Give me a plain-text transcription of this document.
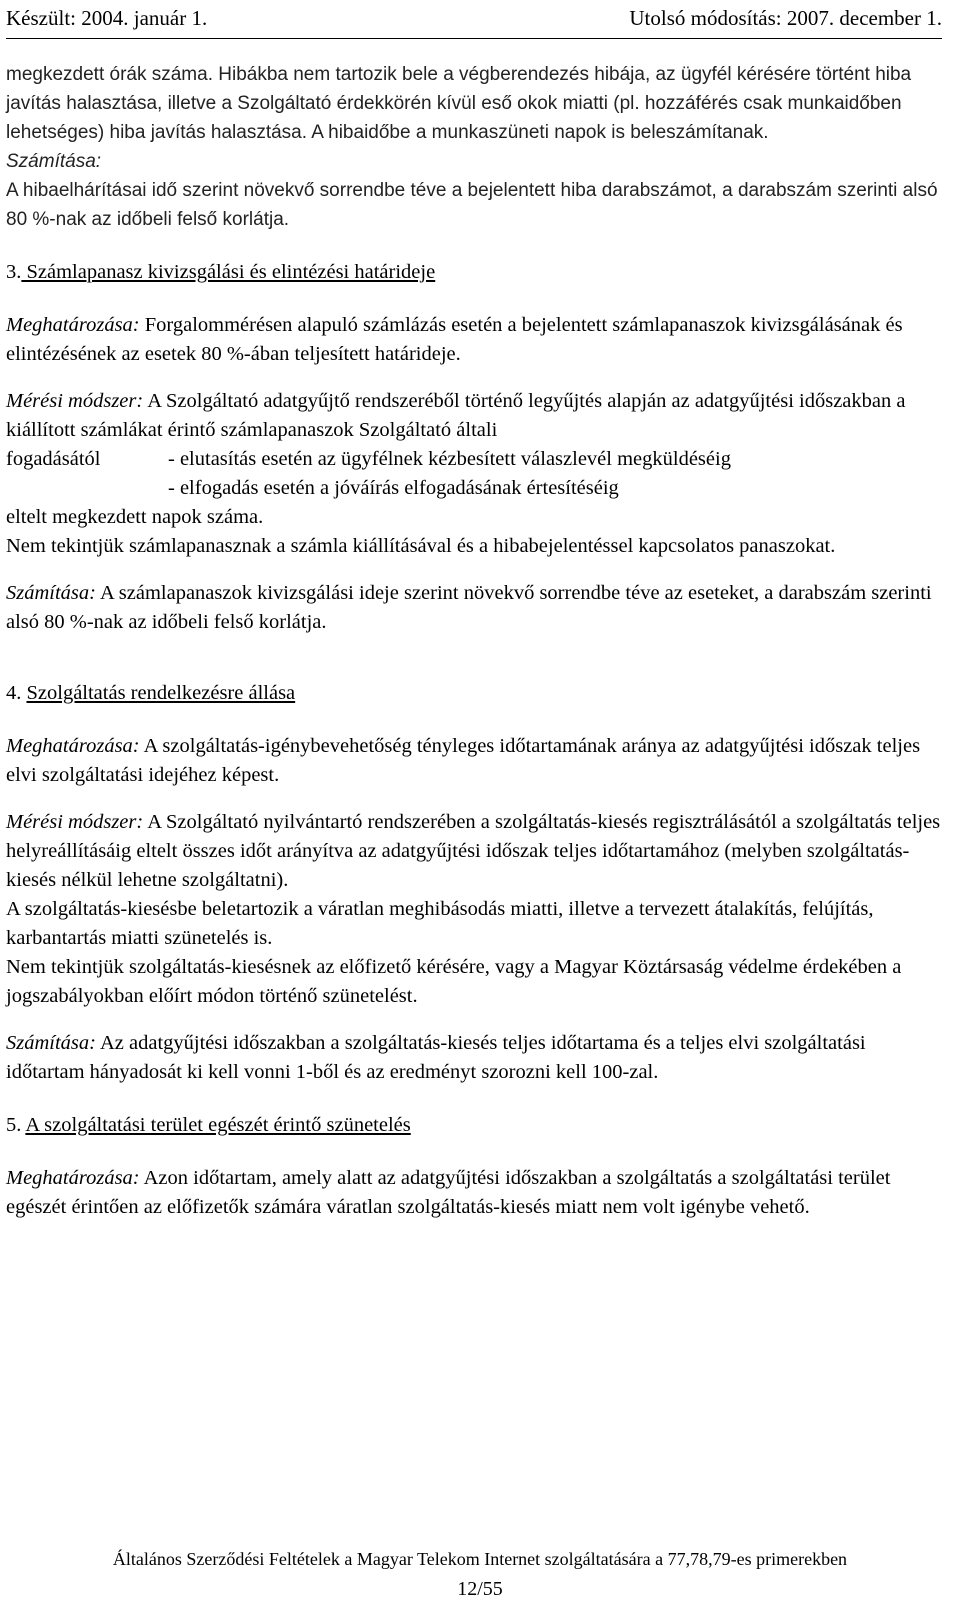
Készült: 2004. január 1.	Utolsó módosítás: 2007. december 1.

megkezdett órák száma. Hibákba nem tartozik bele a végberendezés hibája, az ügyfél kérésére történt hiba javítás halasztása, illetve a Szolgáltató érdekkörén kívül eső okok miatti (pl. hozzáférés csak munkaidőben lehetséges) hiba javítás halasztása. A hibaidőbe a munkaszüneti napok is beleszámítanak.

Számítása:

A hibaelhárításai idő szerint növekvő sorrendbe téve a bejelentett hiba darabszámot, a darabszám szerinti alsó 80 %-nak az időbeli felső korlátja.

3. Számlapanasz kivizsgálási és elintézési határideje

Meghatározása: Forgalommérésen alapuló számlázás esetén a bejelentett számlapanaszok kivizsgálásának és elintézésének az esetek 80 %-ában teljesített határideje.

Mérési módszer: A Szolgáltató adatgyűjtő rendszeréből történő legyűjtés alapján az adatgyűjtési időszakban a kiállított számlákat érintő számlapanaszok Szolgáltató általi

fogadásától	- elutasítás esetén az ügyfélnek kézbesített válaszlevél megküldéséig

- elfogadás esetén a jóváírás elfogadásának értesítéséig

eltelt megkezdett napok száma.

Nem tekintjük számlapanasznak a számla kiállításával és a hibabejelentéssel kapcsolatos panaszokat.

Számítása: A számlapanaszok kivizsgálási ideje szerint növekvő sorrendbe téve az eseteket, a darabszám szerinti alsó 80 %-nak az időbeli felső korlátja.

4. Szolgáltatás rendelkezésre állása

Meghatározása: A szolgáltatás-igénybevehetőség tényleges időtartamának aránya az adatgyűjtési időszak teljes elvi szolgáltatási idejéhez képest.

Mérési módszer: A Szolgáltató nyilvántartó rendszerében a szolgáltatás-kiesés regisztrálásától a szolgáltatás teljes helyreállításáig eltelt összes időt arányítva az adatgyűjtési időszak teljes időtartamához (melyben szolgáltatás-kiesés nélkül lehetne szolgáltatni).

A szolgáltatás-kiesésbe beletartozik a váratlan meghibásodás miatti, illetve a tervezett átalakítás, felújítás, karbantartás miatti szünetelés is.

Nem tekintjük szolgáltatás-kiesésnek az előfizető kérésére, vagy a Magyar Köztársaság védelme érdekében a jogszabályokban előírt módon történő szünetelést.

Számítása: Az adatgyűjtési időszakban a szolgáltatás-kiesés teljes időtartama és a teljes elvi szolgáltatási időtartam hányadosát ki kell vonni 1-ből és az eredményt szorozni kell 100-zal.

5. A szolgáltatási terület egészét érintő szünetelés

Meghatározása: Azon időtartam, amely alatt az adatgyűjtési időszakban a szolgáltatás a szolgáltatási terület egészét érintően az előfizetők számára váratlan szolgáltatás-kiesés miatt nem volt igénybe vehető.

Általános Szerződési Feltételek a Magyar Telekom Internet szolgáltatására a 77,78,79-es primerekben
12/55
